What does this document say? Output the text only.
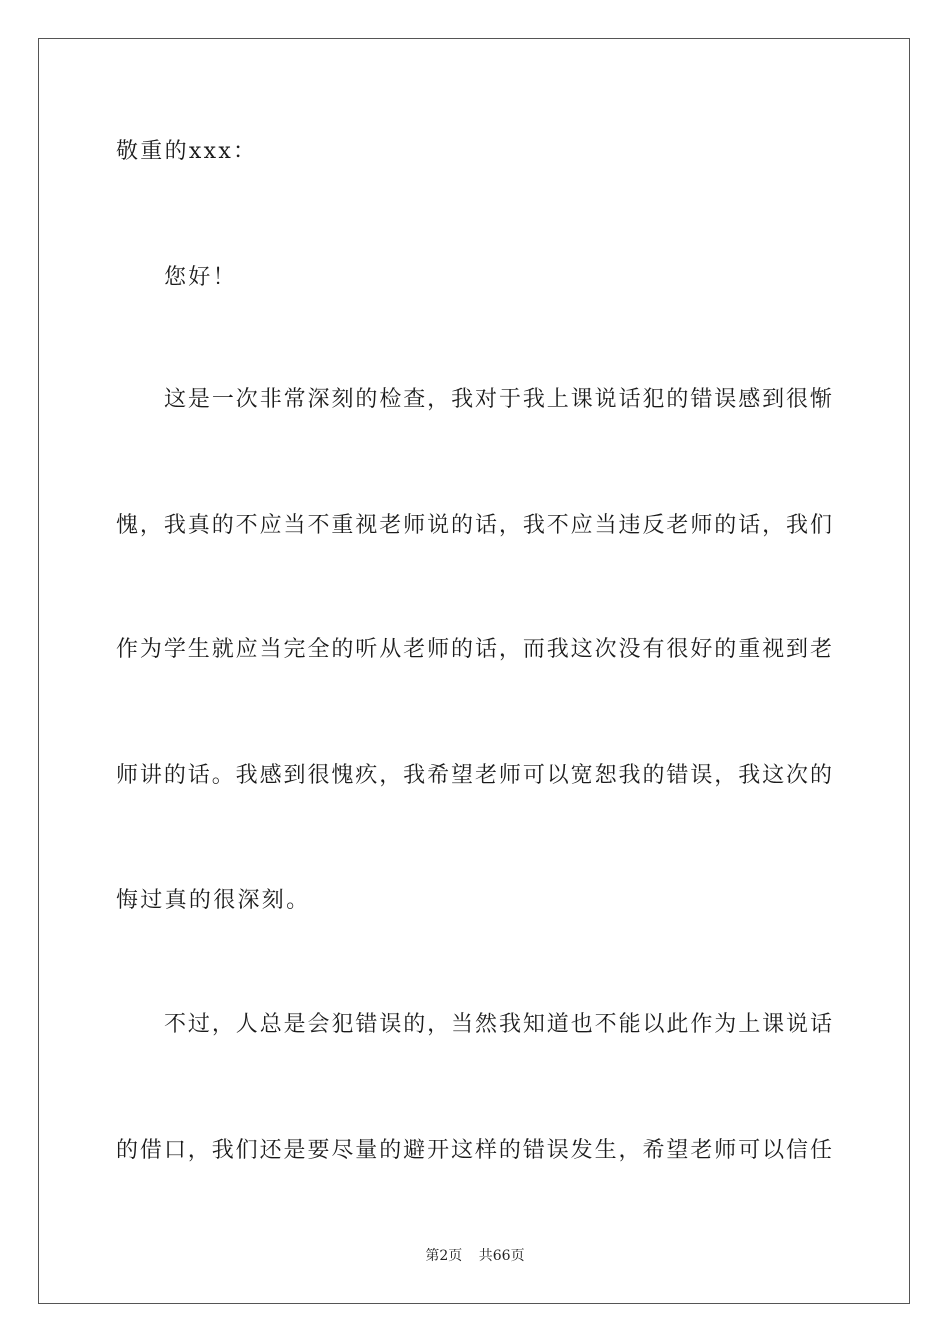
敬重的xxx：
您好！
这是一次非常深刻的检查，我对于我上课说话犯的错误感到很惭
愧，我真的不应当不重视老师说的话，我不应当违反老师的话，我们
作为学生就应当完全的听从老师的话，而我这次没有很好的重视到老
师讲的话。我感到很愧疚，我希望老师可以宽恕我的错误，我这次的
悔过真的很深刻。
不过，人总是会犯错误的，当然我知道也不能以此作为上课说话
的借口，我们还是要尽量的避开这样的错误发生，希望老师可以信任
第2页 共66页
